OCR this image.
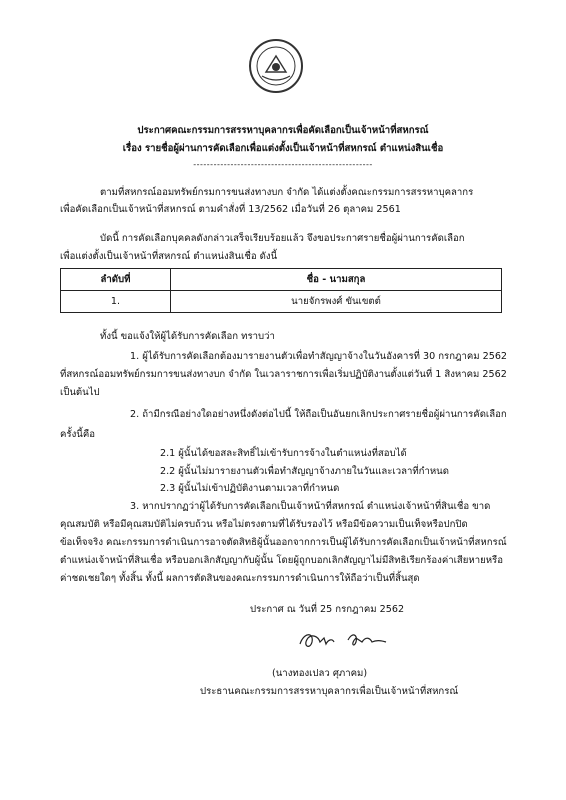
ประกาศคณะกรรมการสรรหาบุคลากรเพื่อคัดเลือกเป็นเจ้าหน้าที่สหกรณ์
เรื่อง รายชื่อผู้ผ่านการคัดเลือกเพื่อแต่งตั้งเป็นเจ้าหน้าที่สหกรณ์ ตำแหน่งสินเชื่อ
-----------------------------------------------------
ตามที่สหกรณ์ออมทรัพย์กรมการขนส่งทางบก จำกัด ได้แต่งตั้งคณะกรรมการสรรหาบุคลากร
เพื่อคัดเลือกเป็นเจ้าหน้าที่สหกรณ์ ตามคำสั่งที่ 13/2562 เมื่อวันที่ 26 ตุลาคม 2561
บัดนี้ การคัดเลือกบุคคลดังกล่าวเสร็จเรียบร้อยแล้ว จึงขอประกาศรายชื่อผู้ผ่านการคัดเลือก
เพื่อแต่งตั้งเป็นเจ้าหน้าที่สหกรณ์ ตำแหน่งสินเชื่อ ดังนี้
ลำดับที่	ชื่อ - นามสกุล
1.	นายจักรพงศ์ ขันเขตต์
ทั้งนี้ ขอแจ้งให้ผู้ได้รับการคัดเลือก ทราบว่า
1. ผู้ได้รับการคัดเลือกต้องมารายงานตัวเพื่อทำสัญญาจ้างในวันอังคารที่ 30 กรกฎาคม 2562
ที่สหกรณ์ออมทรัพย์กรมการขนส่งทางบก จำกัด ในเวลาราชการเพื่อเริ่มปฏิบัติงานตั้งแต่วันที่ 1 สิงหาคม 2562
เป็นต้นไป
2. ถ้ามีกรณีอย่างใดอย่างหนึ่งดังต่อไปนี้ ให้ถือเป็นอันยกเลิกประกาศรายชื่อผู้ผ่านการคัดเลือก
ครั้งนี้คือ
2.1 ผู้นั้นได้ขอสละสิทธิ์ไม่เข้ารับการจ้างในตำแหน่งที่สอบได้
2.2 ผู้นั้นไม่มารายงานตัวเพื่อทำสัญญาจ้างภายในวันและเวลาที่กำหนด
2.3 ผู้นั้นไม่เข้าปฏิบัติงานตามเวลาที่กำหนด
3. หากปรากฏว่าผู้ได้รับการคัดเลือกเป็นเจ้าหน้าที่สหกรณ์ ตำแหน่งเจ้าหน้าที่สินเชื่อ ขาด
คุณสมบัติ หรือมีคุณสมบัติไม่ครบถ้วน หรือไม่ตรงตามที่ได้รับรองไว้ หรือมีข้อความเป็นเท็จหรือปกปิด
ข้อเท็จจริง คณะกรรมการดำเนินการอาจตัดสิทธิผู้นั้นออกจากการเป็นผู้ได้รับการคัดเลือกเป็นเจ้าหน้าที่สหกรณ์
ตำแหน่งเจ้าหน้าที่สินเชื่อ หรือบอกเลิกสัญญากับผู้นั้น โดยผู้ถูกบอกเลิกสัญญาไม่มีสิทธิเรียกร้องค่าเสียหายหรือ
ค่าชดเชยใดๆ ทั้งสิ้น ทั้งนี้ ผลการตัดสินของคณะกรรมการดำเนินการให้ถือว่าเป็นที่สิ้นสุด
ประกาศ ณ วันที่ 25 กรกฎาคม 2562
(นางทองเปลว ศุภาคม)
ประธานคณะกรรมการสรรหาบุคลากรเพื่อเป็นเจ้าหน้าที่สหกรณ์
